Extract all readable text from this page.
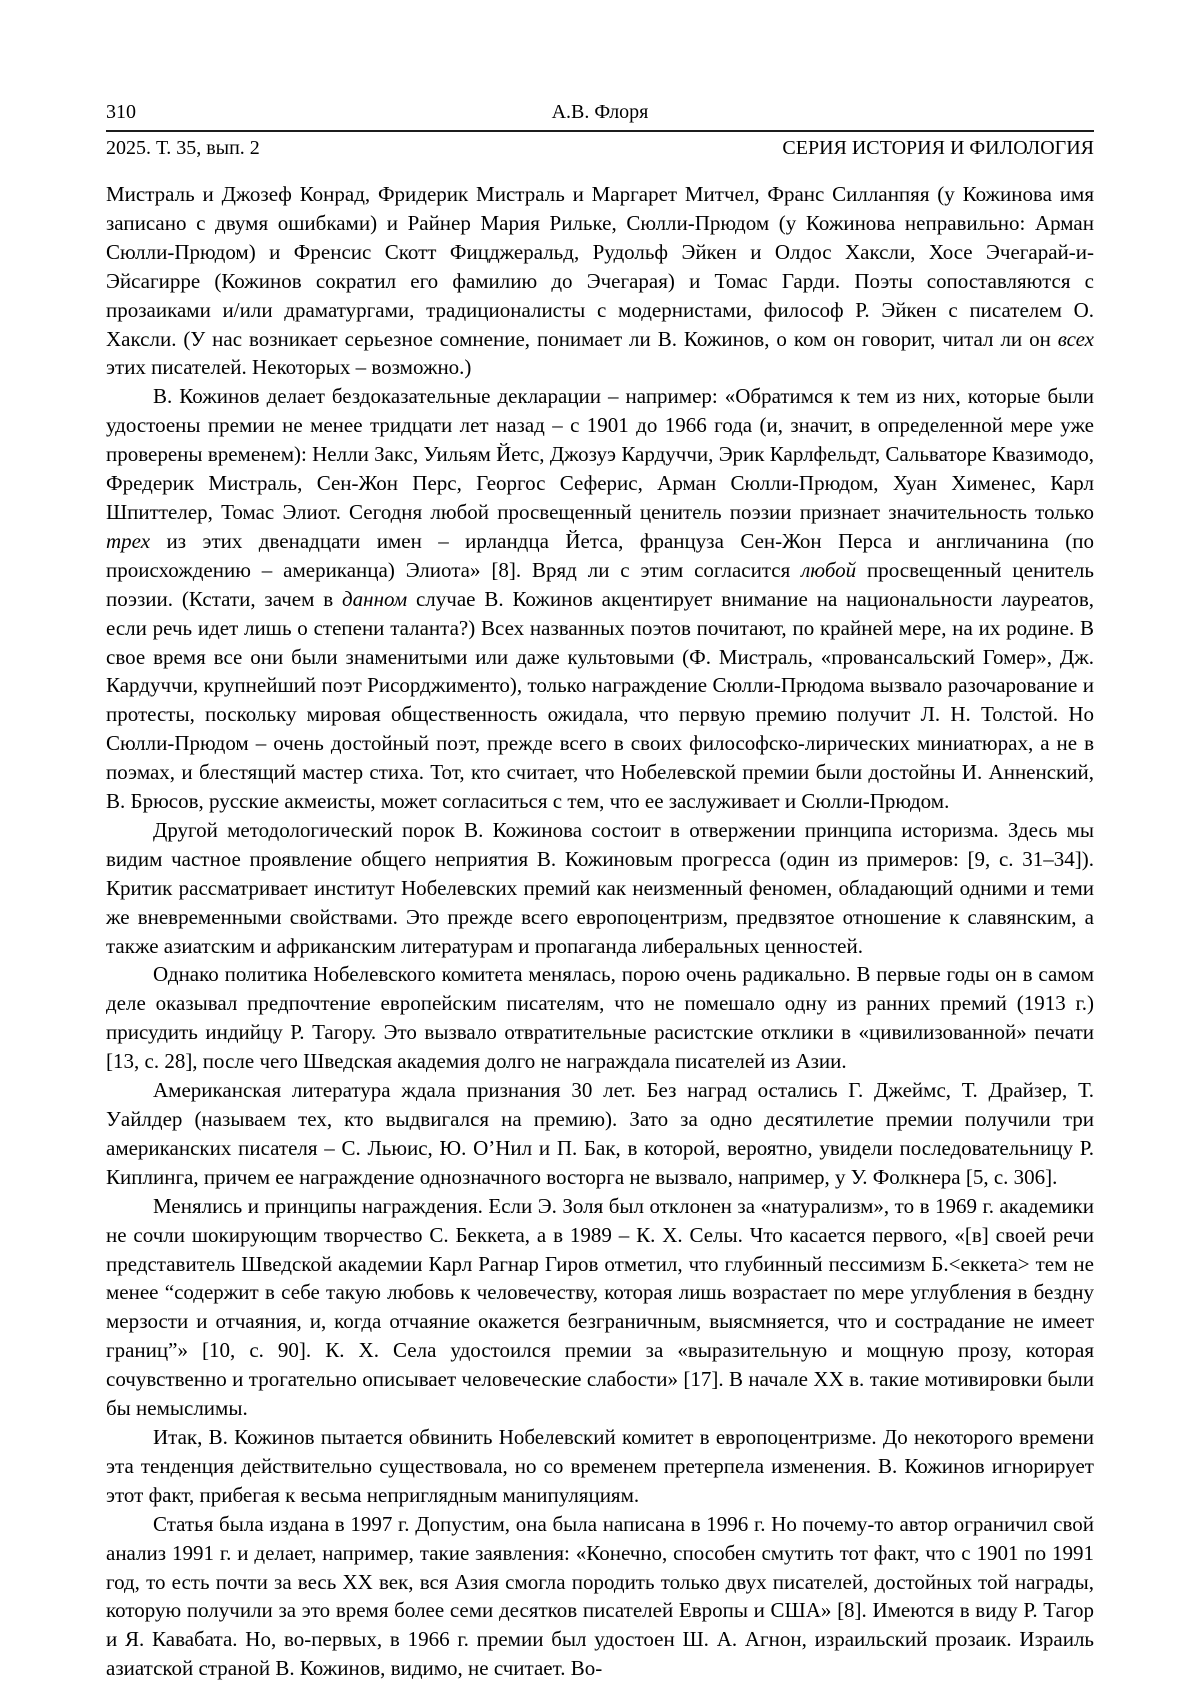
310	А.В. Флоря
2025. Т. 35, вып. 2	СЕРИЯ ИСТОРИЯ И ФИЛОЛОГИЯ

Мистраль и Джозеф Конрад, Фридерик Мистраль и Маргарет Митчел, Франс Силланпяя (у Кожинова имя записано с двумя ошибками) и Райнер Мария Рильке, Сюлли-Прюдом (у Кожинова неправильно: Арман Сюлли-Прюдом) и Френсис Скотт Фицджеральд, Рудольф Эйкен и Олдос Хаксли, Хосе Эчегарай-и-Эйсагирре (Кожинов сократил его фамилию до Эчегарая) и Томас Гарди. Поэты сопоставляются с прозаиками и/или драматургами, традиционалисты с модернистами, философ Р. Эйкен с писателем О. Хаксли. (У нас возникает серьезное сомнение, понимает ли В. Кожинов, о ком он говорит, читал ли он всех этих писателей. Некоторых – возможно.)

В. Кожинов делает бездоказательные декларации – например: «Обратимся к тем из них, которые были удостоены премии не менее тридцати лет назад – с 1901 до 1966 года (и, значит, в определенной мере уже проверены временем): Нелли Закс, Уильям Йетс, Джозуэ Кардуччи, Эрик Карлфельдт, Сальваторе Квазимодо, Фредерик Мистраль, Сен-Жон Перс, Георгос Сеферис, Арман Сюлли-Прюдом, Хуан Хименес, Карл Шпиттелер, Томас Элиот. Сегодня любой просвещенный ценитель поэзии признает значительность только трех из этих двенадцати имен – ирландца Йетса, француза Сен-Жон Перса и англичанина (по происхождению – американца) Элиота» [8]. Вряд ли с этим согласится любой просвещенный ценитель поэзии. (Кстати, зачем в данном случае В. Кожинов акцентирует внимание на национальности лауреатов, если речь идет лишь о степени таланта?) Всех названных поэтов почитают, по крайней мере, на их родине. В свое время все они были знаменитыми или даже культовыми (Ф. Мистраль, «провансальский Гомер», Дж. Кардуччи, крупнейший поэт Рисорджименто), только награждение Сюлли-Прюдома вызвало разочарование и протесты, поскольку мировая общественность ожидала, что первую премию получит Л. Н. Толстой. Но Сюлли-Прюдом – очень достойный поэт, прежде всего в своих философско-лирических миниатюрах, а не в поэмах, и блестящий мастер стиха. Тот, кто считает, что Нобелевской премии были достойны И. Анненский, В. Брюсов, русские акмеисты, может согласиться с тем, что ее заслуживает и Сюлли-Прюдом.

Другой методологический порок В. Кожинова состоит в отвержении принципа историзма. Здесь мы видим частное проявление общего неприятия В. Кожиновым прогресса (один из примеров: [9, с. 31–34]). Критик рассматривает институт Нобелевских премий как неизменный феномен, обладающий одними и теми же вневременными свойствами. Это прежде всего европоцентризм, предвзятое отношение к славянским, а также азиатским и африканским литературам и пропаганда либеральных ценностей.

Однако политика Нобелевского комитета менялась, порою очень радикально. В первые годы он в самом деле оказывал предпочтение европейским писателям, что не помешало одну из ранних премий (1913 г.) присудить индийцу Р. Тагору. Это вызвало отвратительные расистские отклики в «цивилизованной» печати [13, с. 28], после чего Шведская академия долго не награждала писателей из Азии.

Американская литература ждала признания 30 лет. Без наград остались Г. Джеймс, Т. Драйзер, Т. Уайлдер (называем тех, кто выдвигался на премию). Зато за одно десятилетие премии получили три американских писателя – С. Льюис, Ю. О’Нил и П. Бак, в которой, вероятно, увидели последовательницу Р. Киплинга, причем ее награждение однозначного восторга не вызвало, например, у У. Фолкнера [5, с. 306].

Менялись и принципы награждения. Если Э. Золя был отклонен за «натурализм», то в 1969 г. академики не сочли шокирующим творчество С. Беккета, а в 1989 – К. Х. Селы. Что касается первого, «[в] своей речи представитель Шведской академии Карл Рагнар Гиров отметил, что глубинный пессимизм Б.<еккета> тем не менее “содержит в себе такую любовь к человечеству, которая лишь возрастает по мере углубления в бездну мерзости и отчаяния, и, когда отчаяние окажется безграничным, выясмняется, что и сострадание не имеет границ”» [10, с. 90]. К. Х. Села удостоился премии за «выразительную и мощную прозу, которая сочувственно и трогательно описывает человеческие слабости» [17]. В начале XX в. такие мотивировки были бы немыслимы.

Итак, В. Кожинов пытается обвинить Нобелевский комитет в европоцентризме. До некоторого времени эта тенденция действительно существовала, но со временем претерпела изменения. В. Кожинов игнорирует этот факт, прибегая к весьма неприглядным манипуляциям.

Статья была издана в 1997 г. Допустим, она была написана в 1996 г. Но почему-то автор ограничил свой анализ 1991 г. и делает, например, такие заявления: «Конечно, способен смутить тот факт, что с 1901 по 1991 год, то есть почти за весь XX век, вся Азия смогла породить только двух писателей, достойных той награды, которую получили за это время более семи десятков писателей Европы и США» [8]. Имеются в виду Р. Тагор и Я. Кавабата. Но, во-первых, в 1966 г. премии был удостоен Ш. А. Агнон, израильский прозаик. Израиль азиатской страной В. Кожинов, видимо, не считает. Во-
